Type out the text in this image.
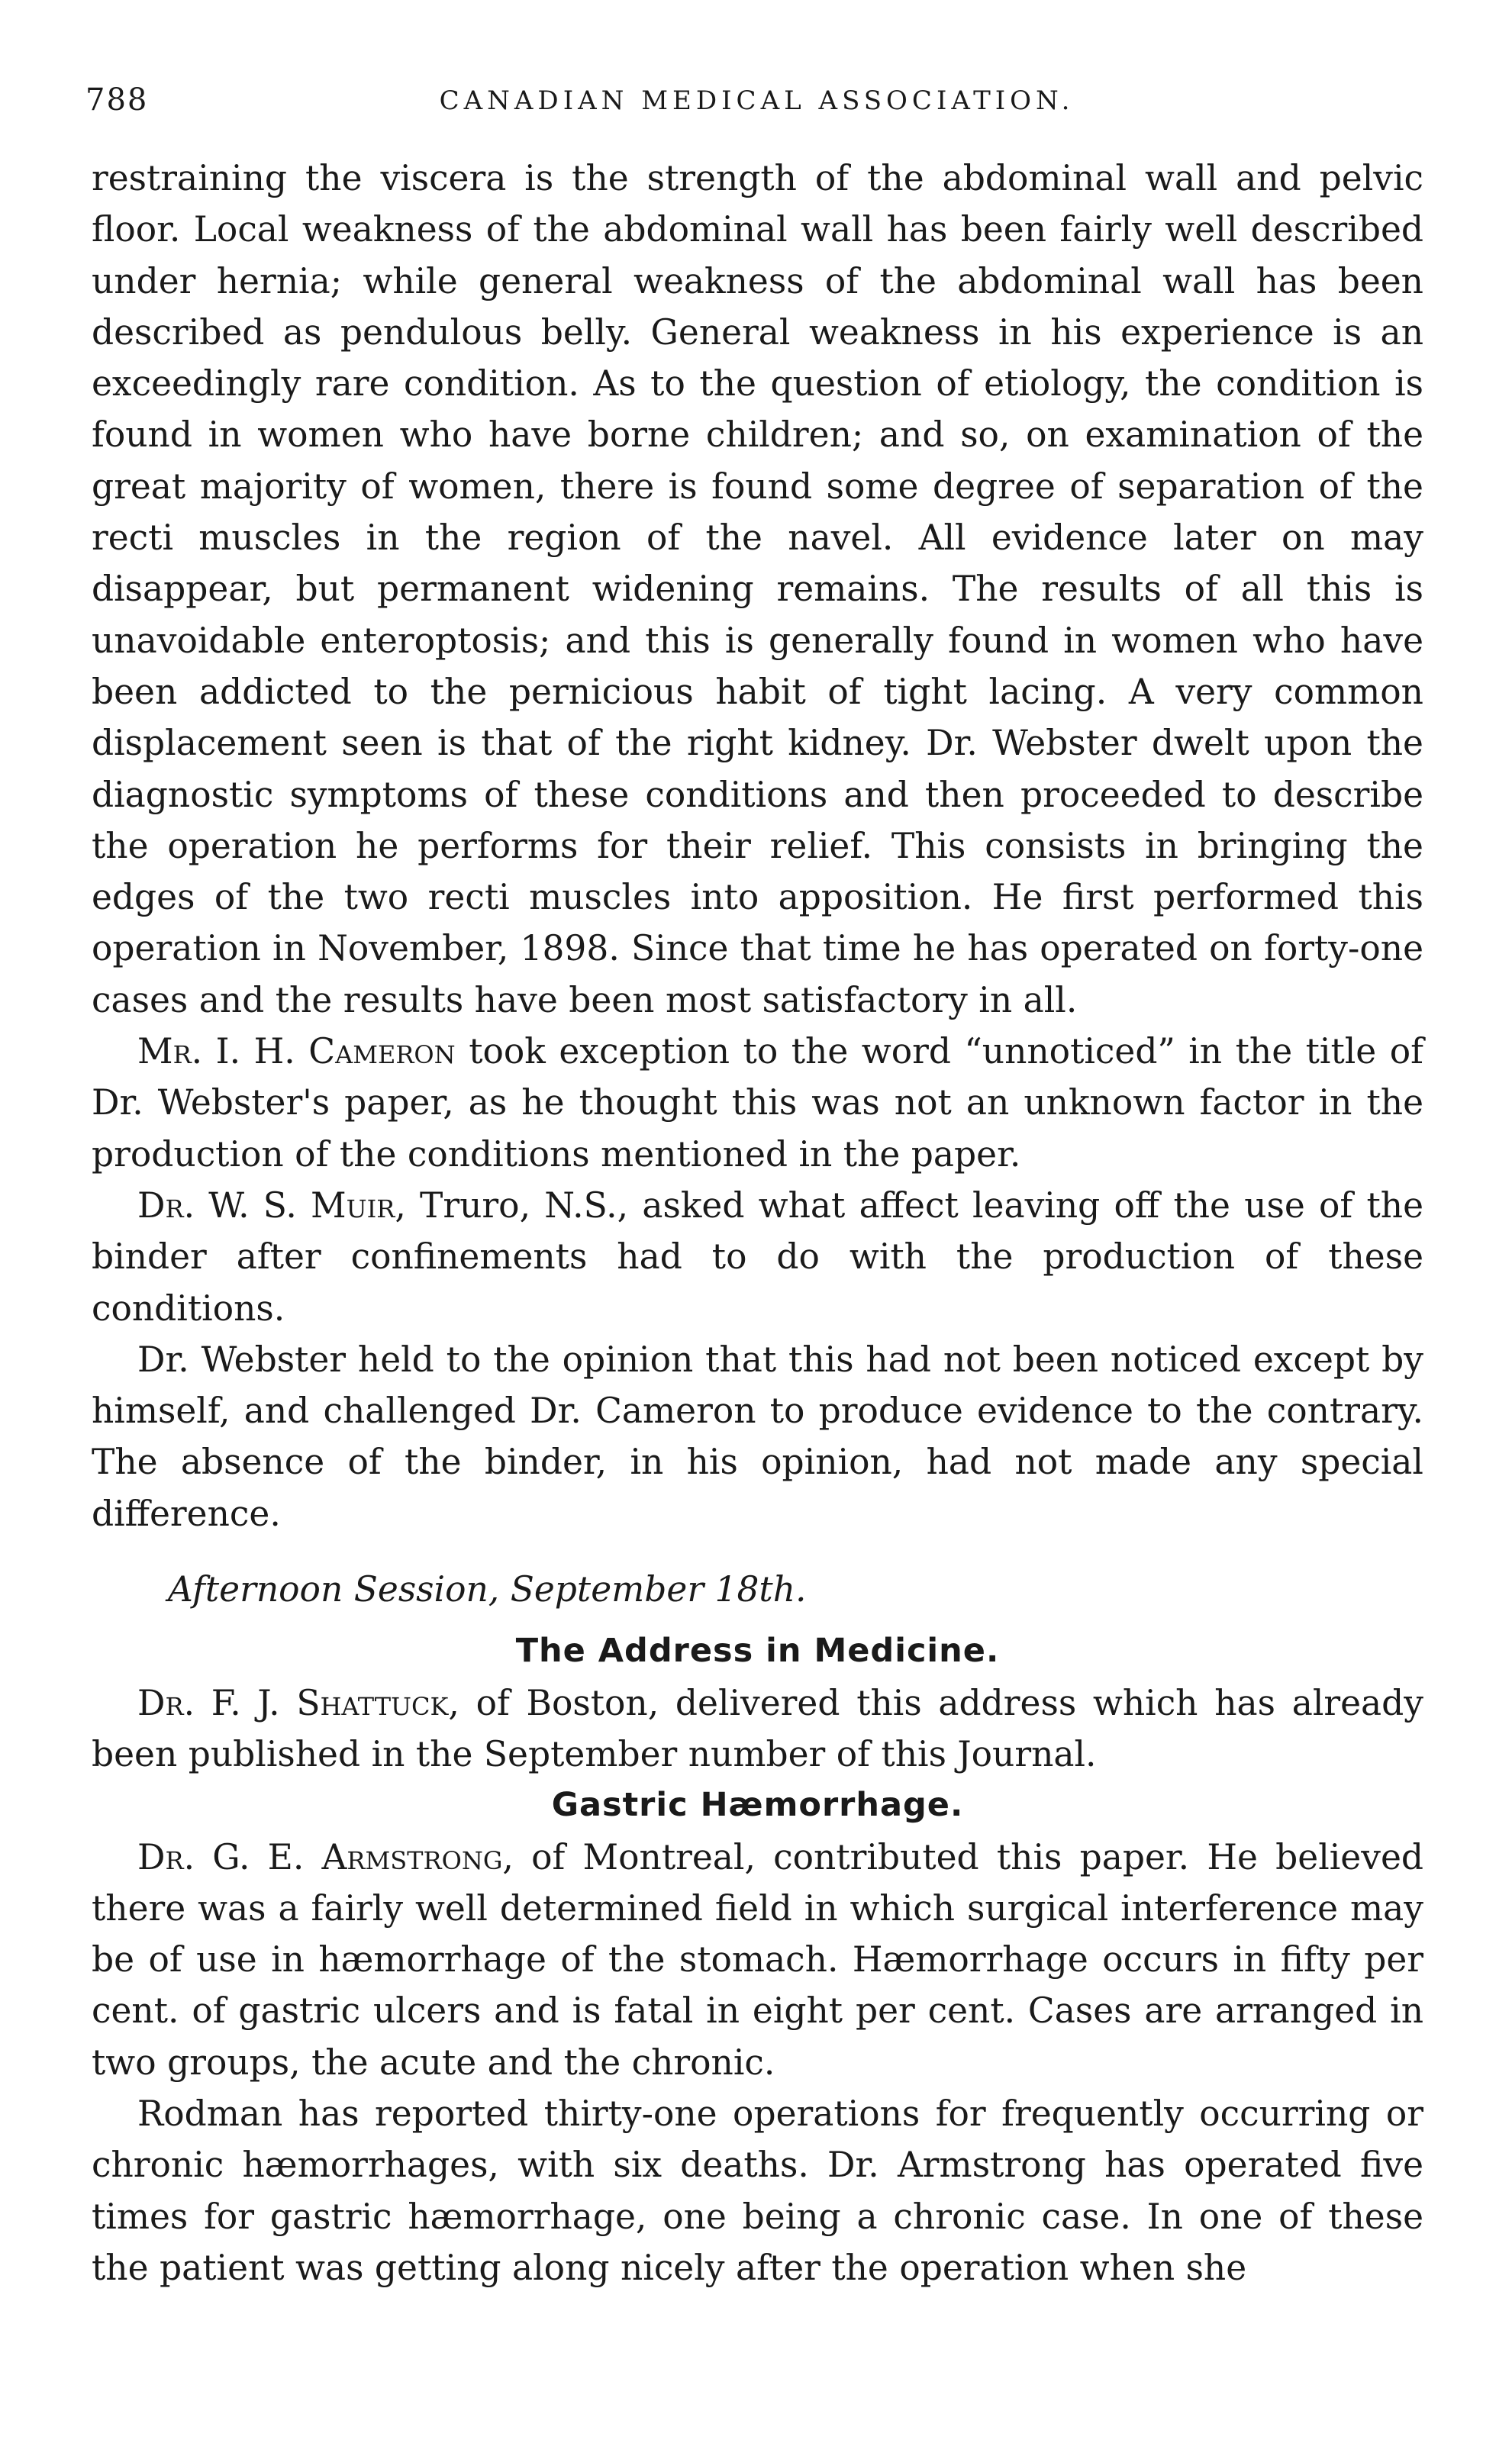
788	CANADIAN MEDICAL ASSOCIATION.

restraining the viscera is the strength of the abdominal wall and pelvic floor. Local weakness of the abdominal wall has been fairly well described under hernia; while general weakness of the abdominal wall has been described as pendulous belly. General weakness in his experience is an exceedingly rare condition. As to the question of etiology, the condition is found in women who have borne children; and so, on examination of the great majority of women, there is found some degree of separation of the recti muscles in the region of the navel. All evidence later on may disappear, but permanent widening remains. The results of all this is unavoidable enteroptosis; and this is generally found in women who have been addicted to the pernicious habit of tight lacing. A very common displacement seen is that of the right kidney. Dr. Webster dwelt upon the diagnostic symptoms of these conditions and then proceeded to describe the operation he performs for their relief. This consists in bringing the edges of the two recti muscles into apposition. He first performed this operation in November, 1898. Since that time he has operated on forty-one cases and the results have been most satisfactory in all.

Mr. I. H. Cameron took exception to the word “unnoticed” in the title of Dr. Webster's paper, as he thought this was not an unknown factor in the production of the conditions mentioned in the paper.

Dr. W. S. Muir, Truro, N.S., asked what affect leaving off the use of the binder after confinements had to do with the production of these conditions.

Dr. Webster held to the opinion that this had not been noticed except by himself, and challenged Dr. Cameron to produce evidence to the contrary. The absence of the binder, in his opinion, had not made any special difference.

Afternoon Session, September 18th.

The Address in Medicine.

Dr. F. J. Shattuck, of Boston, delivered this address which has already been published in the September number of this Journal.

Gastric Hæmorrhage.

Dr. G. E. Armstrong, of Montreal, contributed this paper. He believed there was a fairly well determined field in which surgical interference may be of use in hæmorrhage of the stomach. Hæmorrhage occurs in fifty per cent. of gastric ulcers and is fatal in eight per cent. Cases are arranged in two groups, the acute and the chronic.

Rodman has reported thirty-one operations for frequently occurring or chronic hæmorrhages, with six deaths. Dr. Armstrong has operated five times for gastric hæmorrhage, one being a chronic case. In one of these the patient was getting along nicely after the operation when she
